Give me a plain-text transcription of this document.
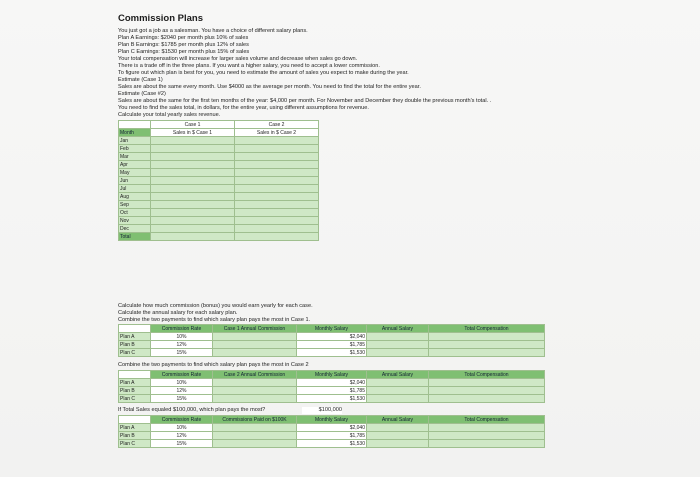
Commission Plans
You just got a job as a salesman. You have a choice of different salary plans.
Plan A Earnings: $2040 per month plus 10% of sales
Plan B Earnings: $1785 per month plus 12% of sales
Plan C Earnings: $1530 per month plus 15% of sales
Your total compensation will increase for larger sales volume and decrease when sales go down.
There is a trade off in the three plans. If you want a higher salary, you need to accept a lower commission.
To figure out which plan is best for you, you need to estimate the amount of sales you expect to make during the year.
Estimate (Case 1)
Sales are about the same every month. Use $4000 as the average per month. You need to find the total for the entire year.
Estimate (Case #2)
Sales are about the same for the first ten months of the year: $4,000 per month. For November and December they double the previous month's total. .
You need to find the sales total, in dollars, for the entire year, using different assumptions for revenue.
Calculate your total yearly sales revenue.
	Case 1	Case 2
Month	Sales in $ Case 1	Sales in $ Case 2
Jan		
Feb		
Mar		
Apr		
May		
Jun		
Jul		
Aug		
Sep		
Oct		
Nov		
Dec		
Total		
Calculate how much commission (bonus) you would earn yearly for each case.
Calculate the annual salary for each salary plan.
Combine the two payments to find which salary plan pays the most in Case 1.
	Commission Rate	Case 1 Annual Commission	Monthly Salary	Annual Salary	Total Compensation
Plan A	10%		$2,040		
Plan B	12%		$1,785		
Plan C	15%		$1,530		
Combine the two payments to find which salary plan pays the most in Case 2
	Commission Rate	Case 2 Annual Commission	Monthly Salary	Annual Salary	Total Compensation
Plan A	10%		$2,040		
Plan B	12%		$1,785		
Plan C	15%		$1,530		
If Total Sales equaled $100,000, which plan pays the most?	$100,000
	Commission Rate	Commissions Paid on $100K	Monthly Salary	Annual Salary	Total Compensation
Plan A	10%		$2,040		
Plan B	12%		$1,785		
Plan C	15%		$1,530		
